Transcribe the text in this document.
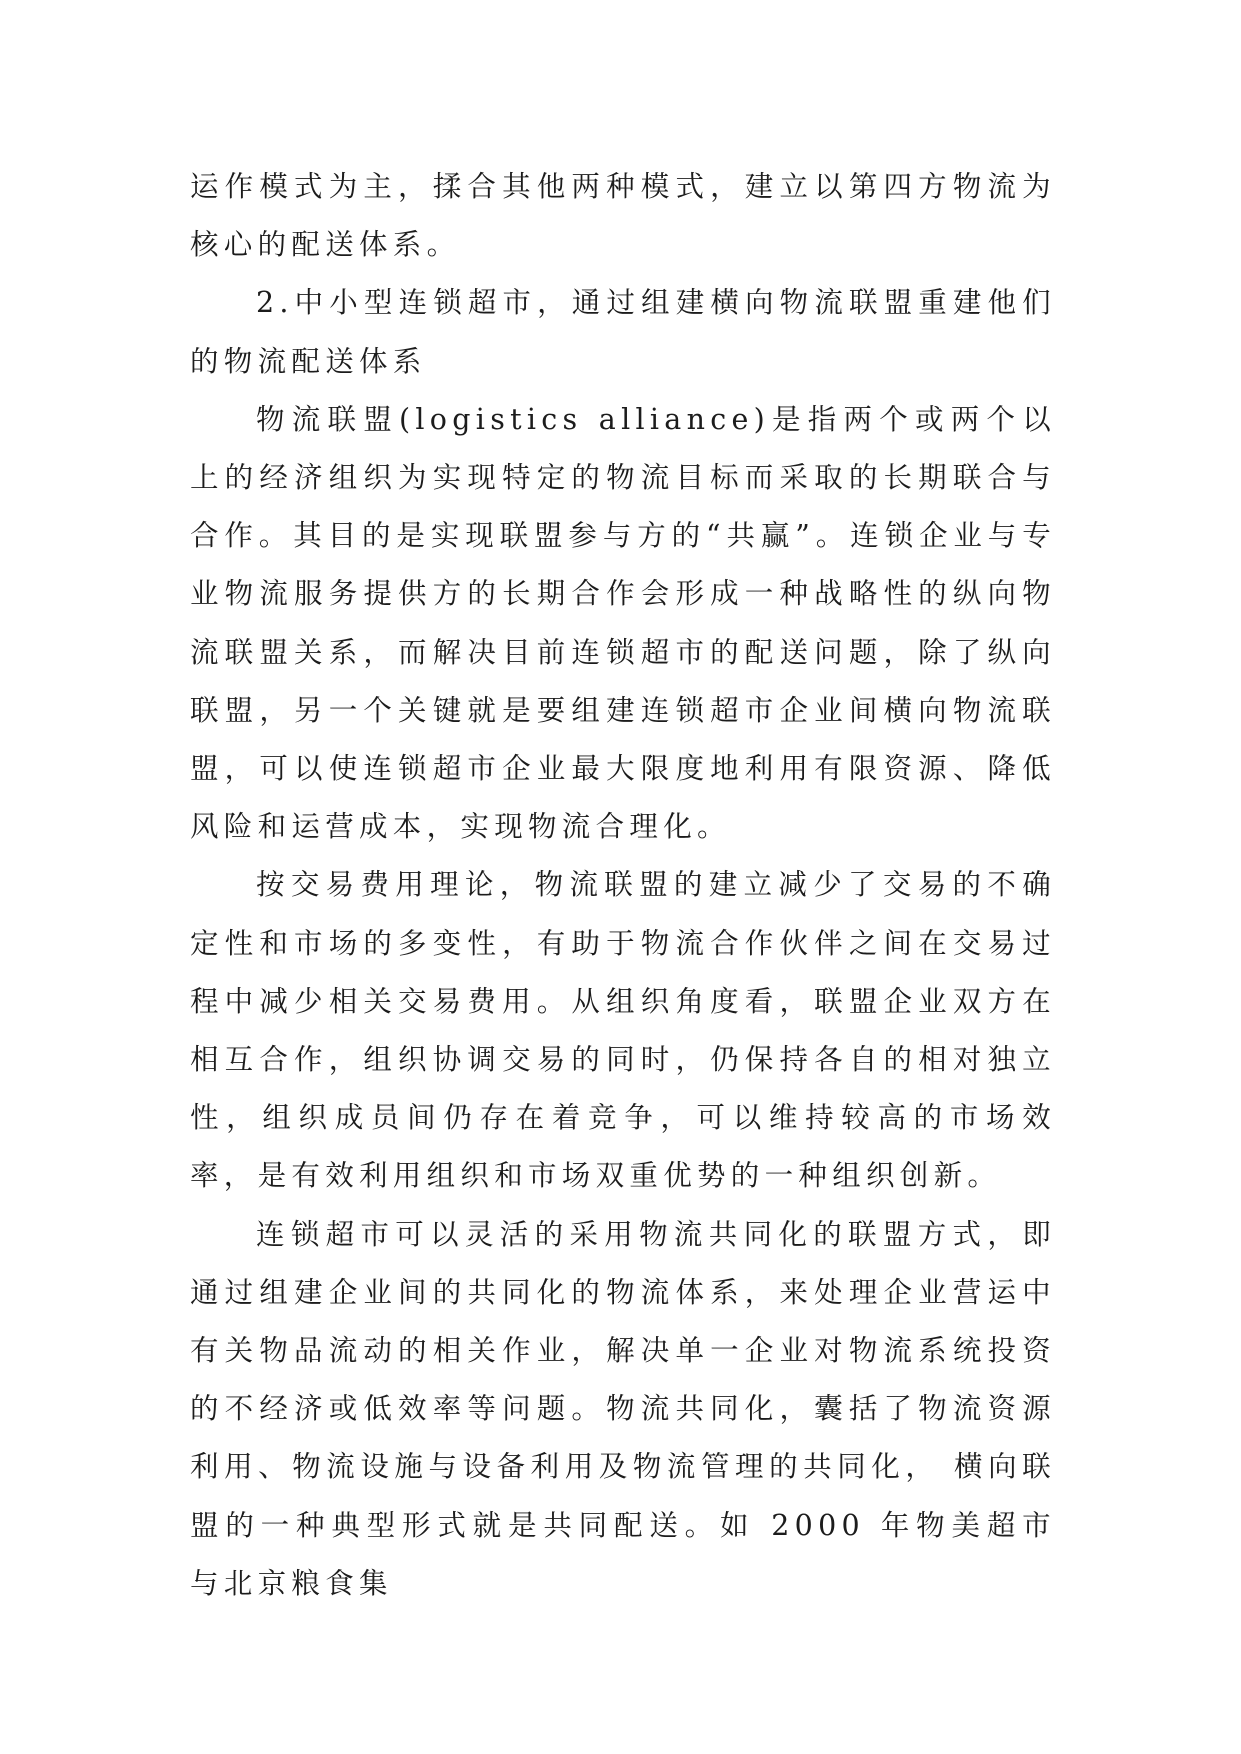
运作模式为主，揉合其他两种模式，建立以第四方物流为核心的配送体系。

2.中小型连锁超市，通过组建横向物流联盟重建他们的物流配送体系

物流联盟(logistics alliance)是指两个或两个以上的经济组织为实现特定的物流目标而采取的长期联合与合作。其目的是实现联盟参与方的“共赢”。连锁企业与专业物流服务提供方的长期合作会形成一种战略性的纵向物流联盟关系，而解决目前连锁超市的配送问题，除了纵向联盟，另一个关键就是要组建连锁超市企业间横向物流联盟，可以使连锁超市企业最大限度地利用有限资源、降低风险和运营成本，实现物流合理化。

按交易费用理论，物流联盟的建立减少了交易的不确定性和市场的多变性，有助于物流合作伙伴之间在交易过程中减少相关交易费用。从组织角度看，联盟企业双方在相互合作，组织协调交易的同时，仍保持各自的相对独立性，组织成员间仍存在着竞争，可以维持较高的市场效率，是有效利用组织和市场双重优势的一种组织创新。

连锁超市可以灵活的采用物流共同化的联盟方式，即通过组建企业间的共同化的物流体系，来处理企业营运中有关物品流动的相关作业，解决单一企业对物流系统投资的不经济或低效率等问题。物流共同化，囊括了物流资源利用、物流设施与设备利用及物流管理的共同化， 横向联盟的一种典型形式就是共同配送。如 2000 年物美超市与北京粮食集
